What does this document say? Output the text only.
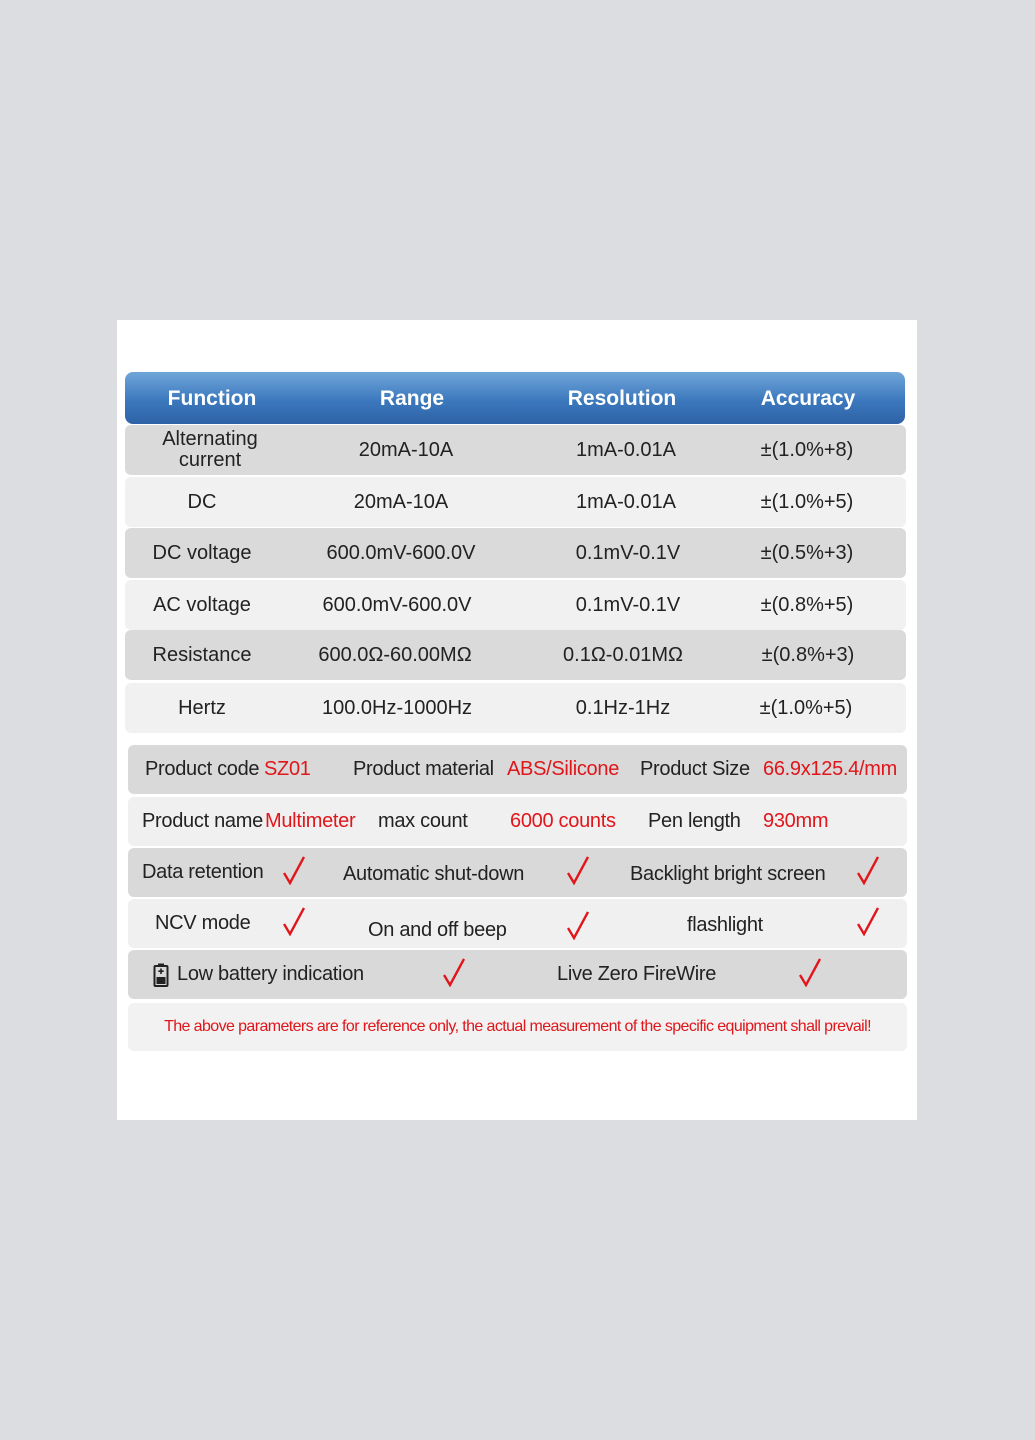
Function	Range	Resolution	Accuracy
Alternating current	20mA-10A	1mA-0.01A	±(1.0%+8)
DC	20mA-10A	1mA-0.01A	±(1.0%+5)
DC voltage	600.0mV-600.0V	0.1mV-0.1V	±(0.5%+3)
AC voltage	600.0mV-600.0V	0.1mV-0.1V	±(0.8%+5)
Resistance	600.0Ω-60.00MΩ	0.1Ω-0.01MΩ	±(0.8%+3)
Hertz	100.0Hz-1000Hz	0.1Hz-1Hz	±(1.0%+5)
Product code SZ01 Product material ABS/Silicone Product Size 66.9x125.4/mm
Product name Multimeter max count 6000 counts Pen length 930mm
Data retention	Automatic shut-down	Backlight bright screen
NCV mode	On and off beep	flashlight
Low battery indication	Live Zero FireWire
The above parameters are for reference only, the actual measurement of the specific equipment shall prevail!
